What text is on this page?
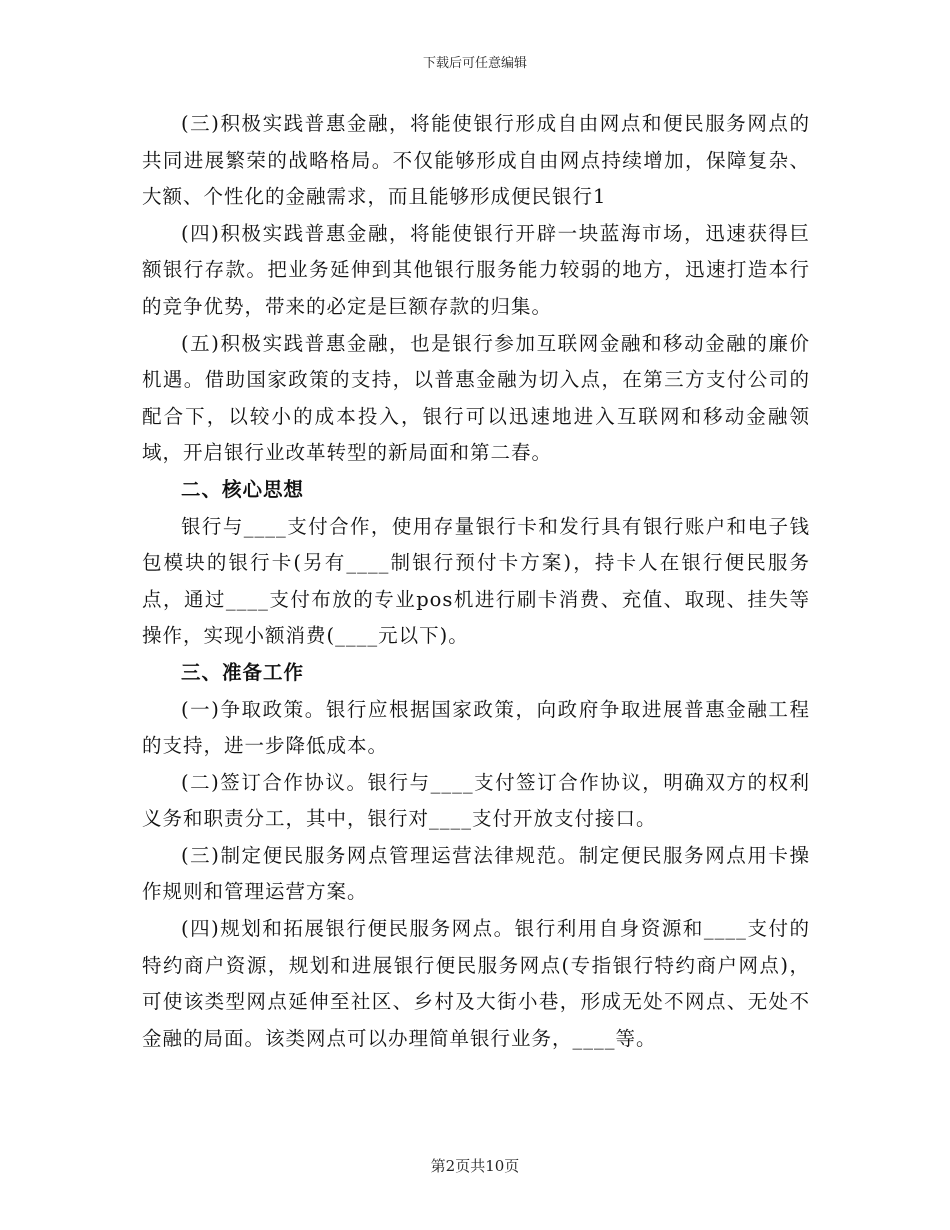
下载后可任意编辑

(三)积极实践普惠金融，将能使银行形成自由网点和便民服务网点的共同进展繁荣的战略格局。不仅能够形成自由网点持续增加，保障复杂、大额、个性化的金融需求，而且能够形成便民银行1

(四)积极实践普惠金融，将能使银行开辟一块蓝海市场，迅速获得巨额银行存款。把业务延伸到其他银行服务能力较弱的地方，迅速打造本行的竞争优势，带来的必定是巨额存款的归集。

(五)积极实践普惠金融，也是银行参加互联网金融和移动金融的廉价机遇。借助国家政策的支持，以普惠金融为切入点，在第三方支付公司的配合下，以较小的成本投入，银行可以迅速地进入互联网和移动金融领域，开启银行业改革转型的新局面和第二春。

二、核心思想

银行与____支付合作，使用存量银行卡和发行具有银行账户和电子钱包模块的银行卡(另有____制银行预付卡方案)，持卡人在银行便民服务点，通过____支付布放的专业pos机进行刷卡消费、充值、取现、挂失等操作，实现小额消费(____元以下)。

三、准备工作

(一)争取政策。银行应根据国家政策，向政府争取进展普惠金融工程的支持，进一步降低成本。

(二)签订合作协议。银行与____支付签订合作协议，明确双方的权利义务和职责分工，其中，银行对____支付开放支付接口。

(三)制定便民服务网点管理运营法律规范。制定便民服务网点用卡操作规则和管理运营方案。

(四)规划和拓展银行便民服务网点。银行利用自身资源和____支付的特约商户资源，规划和进展银行便民服务网点(专指银行特约商户网点)，可使该类型网点延伸至社区、乡村及大街小巷，形成无处不网点、无处不金融的局面。该类网点可以办理简单银行业务，____等。

第2页共10页
